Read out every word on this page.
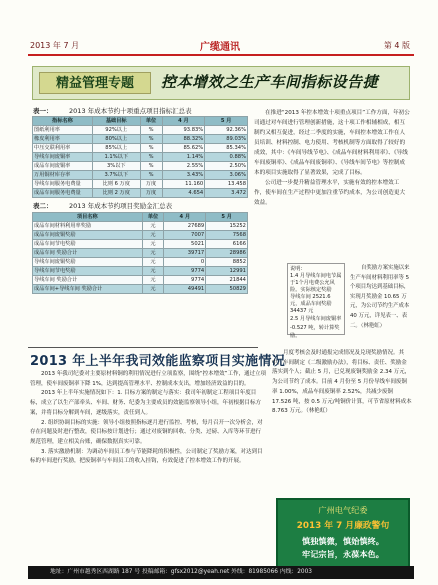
2013 年 7 月	广缆通讯	第 4 版
精益管理专题	控本增效之生产车间指标设告捷
表一：	2013 年成本节约十项重点项目指标汇总表
指标名称	基础目标	单位	4 月	5 月
图纸利用率	92%以上	%	93.83%	92.36%
橡皮利用率	80%以上	%	88.32%	89.03%
中压交联利用率	85%以上	%	85.62%	85.34%
导线车间废铜率	1.1%以下	%	1.14%	0.88%
成品车间废铜率	3%以下	%	2.55%	2.50%
万用铜材库存率	3.7%以下	%	3.43%	3.06%
导线车间服务电费量	比则 6 万度	万度	11.160	13.458
成品车间服务电费量	比则 2 万度	万度	4.654	3.472
表二：	2013 年成本节约项目奖励金汇总表
项目名称	单位	4 月	5 月
成品车间材料利用率奖励	元	27689	15252
成品车间废铜奖励	元	7007	7568
成品车间节电奖励	元	5021	6166
成品车间 奖励合计	元	39717	28986
导线车间废铜奖励	元	0	8852
导线车间节电奖励	元	9774	12991
导线车间 奖励合计	元	9774	21844
成品车间+导线车间 奖励合计	元	49491	50829

在推进“2013 年控本增效十项重点项目”工作方面，年初公司通过对车间进行管理创新措施，这十项工作相辅相成，相互制约又相互促进，经过二季度的实施，车间控本增效工作在人员培训、材料控制、电力使用、考核机制等方面取得了较好的成效，其中：《车间导线节电》、《成品车间材料利用率》、《导线车间废铜率》、《成品车间废铜率》、《导线车间节电》等控制成本的项目实施取得了显著效果，完成了目标。

公司进一步提升精益管理水平，实施有效的控本增效工作，使车间在生产过程中更加注重节约成本，为公司创造更大效益。

说明：
1.4 月导线车间电节属于1个月电费公允风险。实际核定奖励
导线车间 2521.6 元，成品车间奖励 34437 元
2.5 月导线车间废铜率
-0.527 吨，转计算奖励。

自奖励方案实施以来生产车间材料利用率等 5 个项目均达到基础目标，实现月奖励金 10.65 万元，为公司节约生产成本 40 万元，详见表一、表二。（林艳虹）

2013 年上半年我司效能监察项目实施情况

2013 年我司纪委对主要原材料铜的利用情况进行立项监察，围绕“控本增效”工作，通过立项管理，使车间废铜率下降 1%，达到提高管理水平、控制成本支出，增加经济效益的目的。

2013 年上半年实施情况如下：1. 目标方案的制定与落实：我司年初制定工程项目年度目标，成立了以生产部牵头、车间、财务、纪委为主要成员的效能监察领导小组，年初根据目标方案，并将目标分解到车间，逐级落实，责任到人。

2. 组织协调目标的实施：领导小组按照指标逐月进行监控、考核，每月召开一次分析会，对存在问题及时进行整改，使目标按计划进行；通过对废铜的回收、分类、过磅、入库等环节进行规范管理，建立相关台账，确保数据真实可靠。

3. 落实激励机制：为调动车间员工参与节能降耗的积极性，公司制定了奖励方案，对达到目标的车间进行奖励，把废铜率与车间员工的收入挂钩，有效促进了控本增效工作的开展。

月度考核会及时通报完成情况及兑现奖励情况。其中，车间制定《二级激励办法》，将目标、责任、奖励金落实到个人；截止 5 月，已兑现废铜奖励金 2.34 万元，为公司节约了成本。目前 4 月份至 5 月份导线车间废铜率 1.00%，成品车间废铜率 2.52%，共减少废铜 17.526 吨，按 0.5 万元/吨铜价计算，可节省原材料成本 8.763 万元。（林艳虹）

广州电气纪委
2013 年 7 月廉政警句
慎独慎微，慎始慎终。
牢记宗旨，永葆本色。
地址：广州市越秀区西湖路 187 号 投稿邮箱：gfsx2012@yeah.net 外线：81985066 内线：2003
